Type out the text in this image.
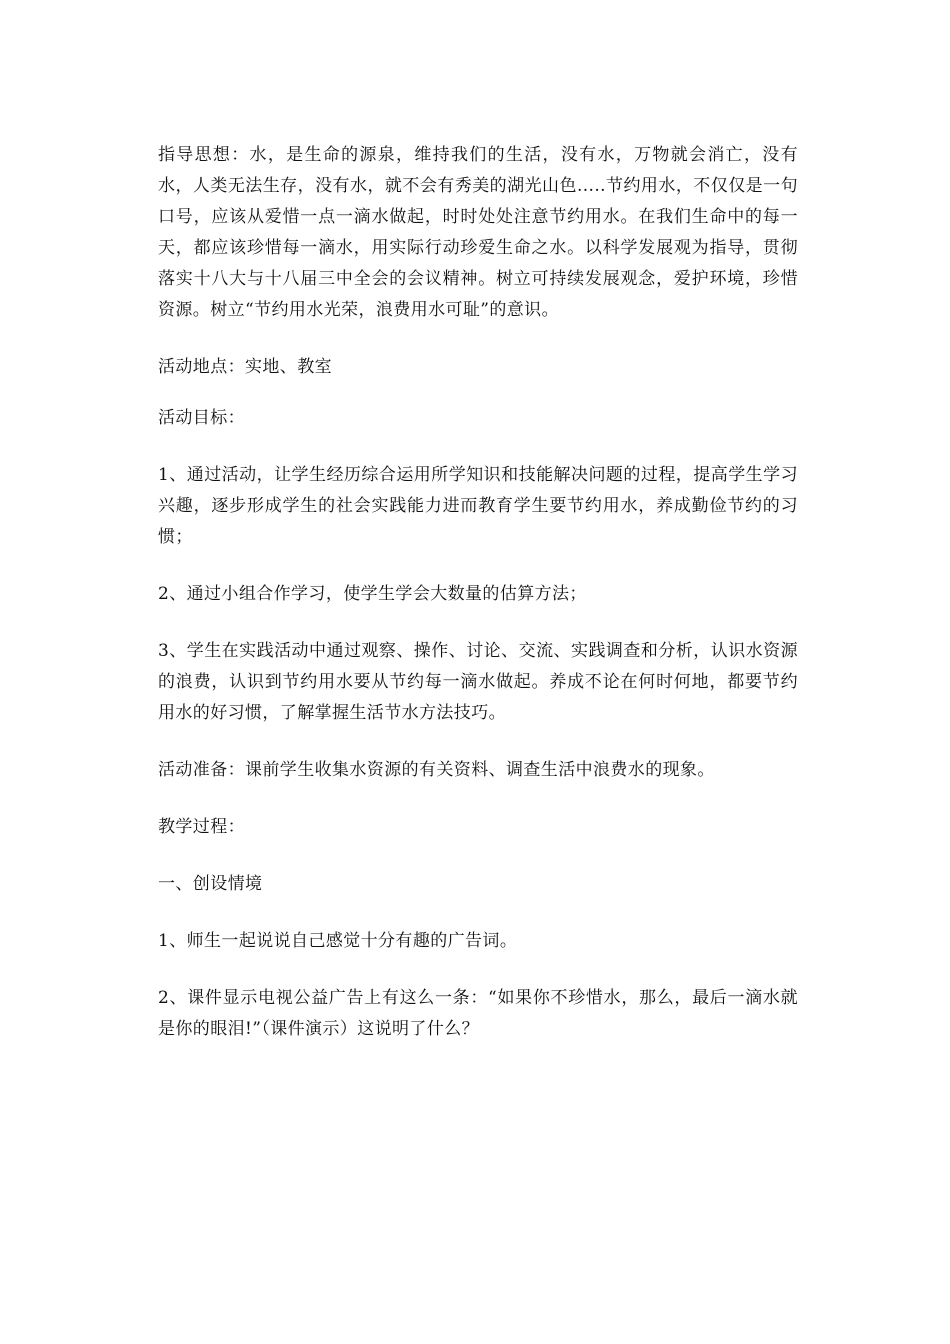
指导思想：水，是生命的源泉，维持我们的生活，没有水，万物就会消亡，没有水，人类无法生存，没有水，就不会有秀美的湖光山色.....节约用水，不仅仅是一句口号，应该从爱惜一点一滴水做起，时时处处注意节约用水。在我们生命中的每一天，都应该珍惜每一滴水，用实际行动珍爱生命之水。以科学发展观为指导，贯彻落实十八大与十八届三中全会的会议精神。树立可持续发展观念，爱护环境，珍惜资源。树立“节约用水光荣，浪费用水可耻”的意识。

活动地点：实地、教室

活动目标：

1、通过活动，让学生经历综合运用所学知识和技能解决问题的过程，提高学生学习兴趣，逐步形成学生的社会实践能力进而教育学生要节约用水，养成勤俭节约的习惯；

2、通过小组合作学习，使学生学会大数量的估算方法；

3、学生在实践活动中通过观察、操作、讨论、交流、实践调查和分析，认识水资源的浪费，认识到节约用水要从节约每一滴水做起。养成不论在何时何地，都要节约用水的好习惯，了解掌握生活节水方法技巧。

活动准备：课前学生收集水资源的有关资料、调查生活中浪费水的现象。

教学过程：

一、创设情境

1、师生一起说说自己感觉十分有趣的广告词。

2、课件显示电视公益广告上有这么一条：“如果你不珍惜水，那么，最后一滴水就是你的眼泪!”（课件演示）这说明了什么？
